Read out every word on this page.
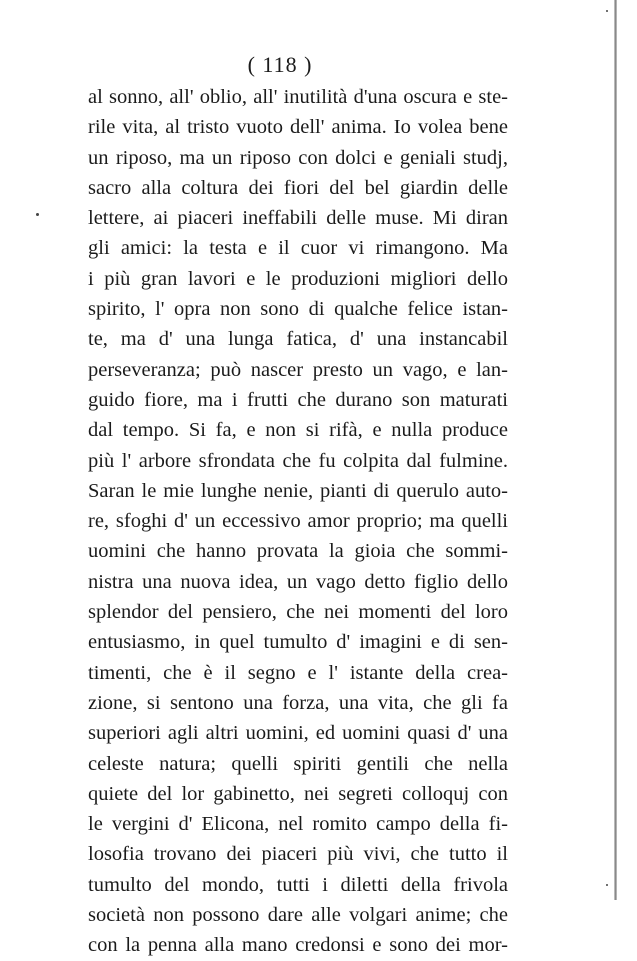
( 118 )
al sonno, all' oblio, all' inutilità d'una oscura e ste-
rile vita, al tristo vuoto dell' anima. Io volea bene
un riposo, ma un riposo con dolci e geniali studj,
sacro alla coltura dei fiori del bel giardin delle
lettere, ai piaceri ineffabili delle muse. Mi diran
gli amici: la testa e il cuor vi rimangono. Ma
i più gran lavori e le produzioni migliori dello
spirito, l' opra non sono di qualche felice istan-
te, ma d' una lunga fatica, d' una instancabil
perseveranza; può nascer presto un vago, e lan-
guido fiore, ma i frutti che durano son maturati
dal tempo. Si fa, e non si rifà, e nulla produce
più l' arbore sfrondata che fu colpita dal fulmine.
Saran le mie lunghe nenie, pianti di querulo auto-
re, sfoghi d' un eccessivo amor proprio; ma quelli
uomini che hanno provata la gioia che sommi-
nistra una nuova idea, un vago detto figlio dello
splendor del pensiero, che nei momenti del loro
entusiasmo, in quel tumulto d' imagini e di sen-
timenti, che è il segno e l' istante della crea-
zione, si sentono una forza, una vita, che gli fa
superiori agli altri uomini, ed uomini quasi d' una
celeste natura; quelli spiriti gentili che nella
quiete del lor gabinetto, nei segreti colloquj con
le vergini d' Elicona, nel romito campo della fi-
losofia trovano dei piaceri più vivi, che tutto il
tumulto del mondo, tutti i diletti della frivola
società non possono dare alle volgari anime; che
con la penna alla mano credonsi e sono dei mor-
